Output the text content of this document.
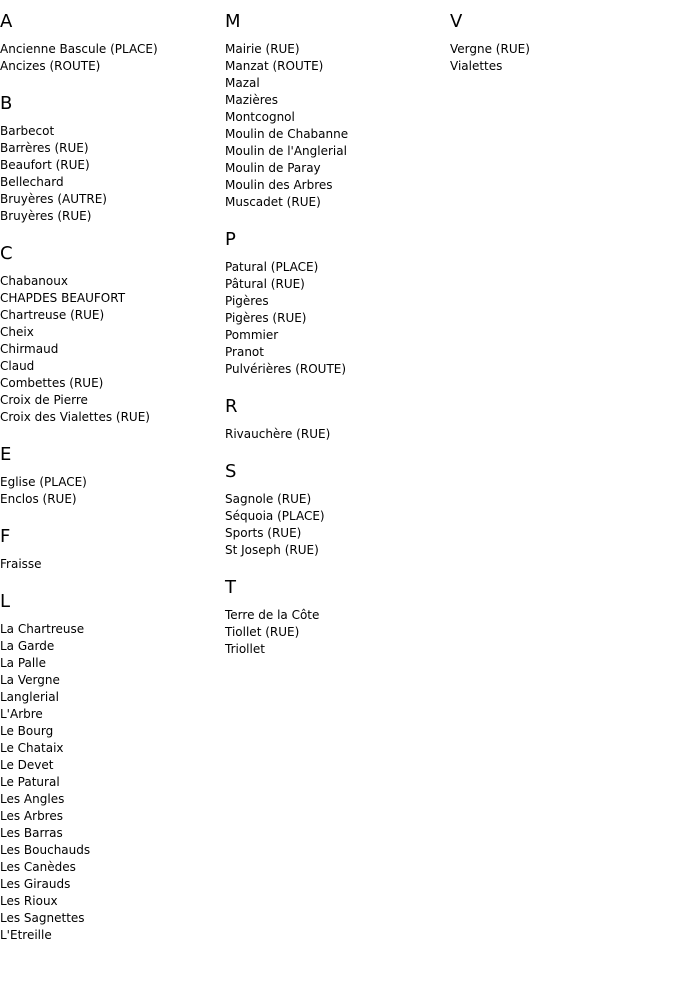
A
Ancienne Bascule (PLACE)
Ancizes (ROUTE)
B
Barbecot
Barrères (RUE)
Beaufort (RUE)
Bellechard
Bruyères (AUTRE)
Bruyères (RUE)
C
Chabanoux
CHAPDES BEAUFORT
Chartreuse (RUE)
Cheix
Chirmaud
Claud
Combettes (RUE)
Croix de Pierre
Croix des Vialettes (RUE)
E
Eglise (PLACE)
Enclos (RUE)
F
Fraisse
L
La Chartreuse
La Garde
La Palle
La Vergne
Langlerial
L'Arbre
Le Bourg
Le Chataix
Le Devet
Le Patural
Les Angles
Les Arbres
Les Barras
Les Bouchauds
Les Canèdes
Les Girauds
Les Rioux
Les Sagnettes
L'Etreille
M
Mairie (RUE)
Manzat (ROUTE)
Mazal
Mazières
Montcognol
Moulin de Chabanne
Moulin de l'Anglerial
Moulin de Paray
Moulin des Arbres
Muscadet (RUE)
P
Patural (PLACE)
Pâtural (RUE)
Pigères
Pigères (RUE)
Pommier
Pranot
Pulvérières (ROUTE)
R
Rivauchère (RUE)
S
Sagnole (RUE)
Séquoia (PLACE)
Sports (RUE)
St Joseph (RUE)
T
Terre de la Côte
Tiollet (RUE)
Triollet
V
Vergne (RUE)
Vialettes
